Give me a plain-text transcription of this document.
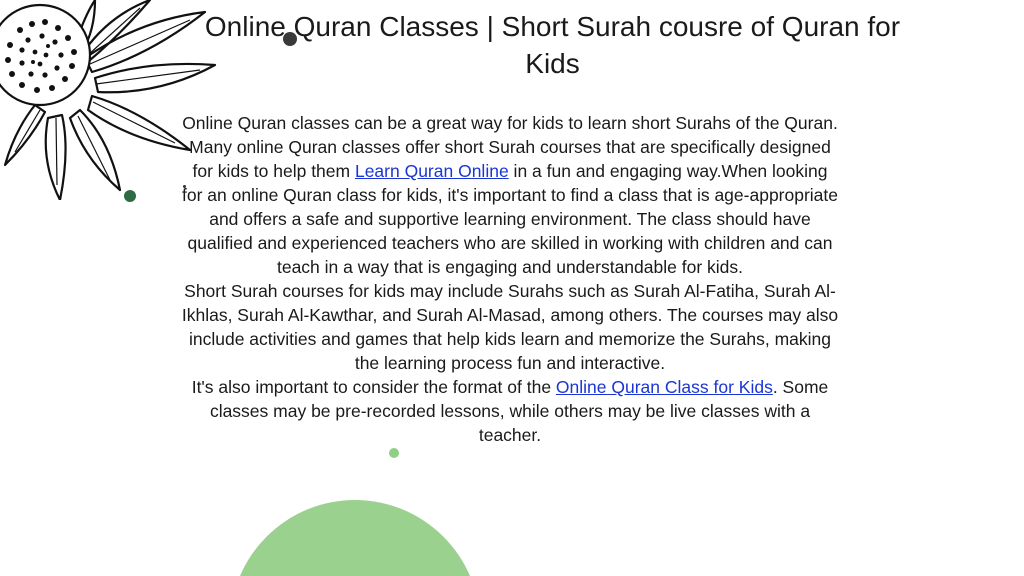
Online Quran Classes | Short Surah cousre of Quran for Kids

Online Quran classes can be a great way for kids to learn short Surahs of the Quran. Many online Quran classes offer short Surah courses that are specifically designed for kids to help them Learn Quran Online in a fun and engaging way.When looking for an online Quran class for kids, it's important to find a class that is age-appropriate and offers a safe and supportive learning environment. The class should have qualified and experienced teachers who are skilled in working with children and can teach in a way that is engaging and understandable for kids.

Short Surah courses for kids may include Surahs such as Surah Al-Fatiha, Surah Al-Ikhlas, Surah Al-Kawthar, and Surah Al-Masad, among others. The courses may also include activities and games that help kids learn and memorize the Surahs, making the learning process fun and interactive.

It's also important to consider the format of the Online Quran Class for Kids. Some classes may be pre-recorded lessons, while others may be live classes with a teacher.
